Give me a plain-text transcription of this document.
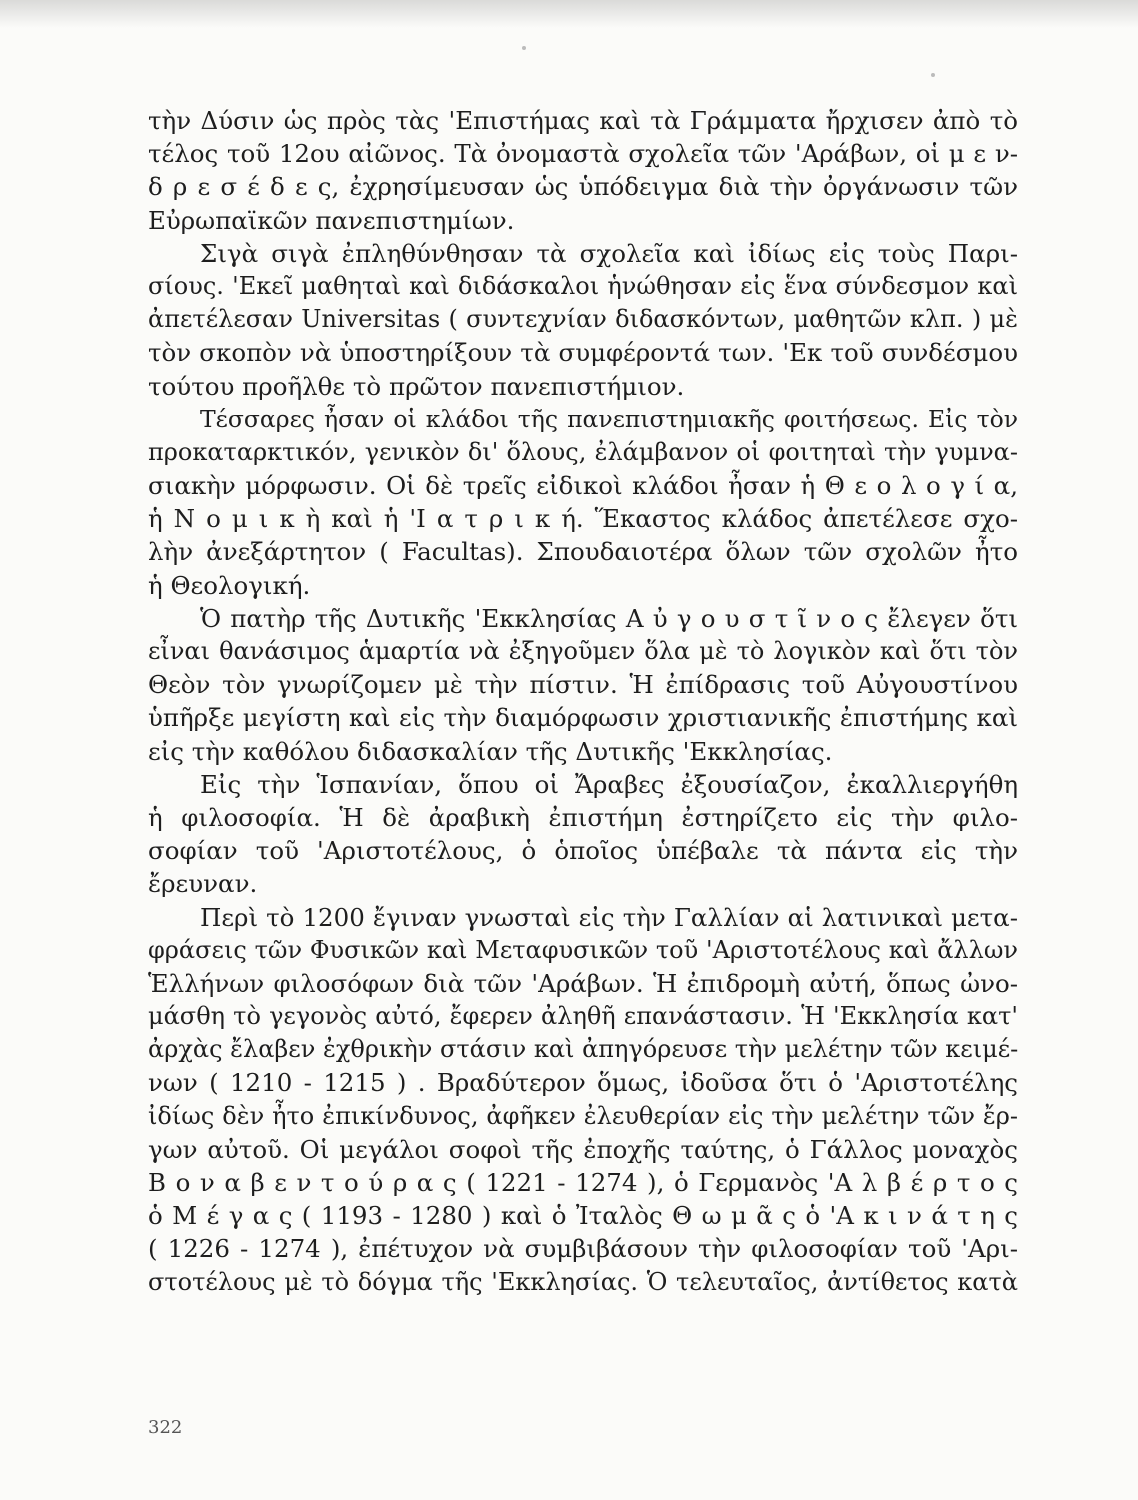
τὴν Δύσιν ὡς πρὸς τὰς 'Επιστήμας καὶ τὰ Γράμματα ἤρχισεν ἀπὸ τὸ
τέλος τοῦ 12ου αἰῶνος. Τὰ ὀνομαστὰ σχολεῖα τῶν 'Αράβων, οἱ μ ε ν-
δ ρ ε σ έ δ ε ς, ἐχρησίμευσαν ὡς ὑπόδειγμα διὰ τὴν ὀργάνωσιν τῶν
Εὐρωπαϊκῶν πανεπιστημίων.
Σιγὰ σιγὰ ἐπληθύνθησαν τὰ σχολεῖα καὶ ἰδίως εἰς τοὺς Παρι-
σίους. 'Εκεῖ μαθηταὶ καὶ διδάσκαλοι ἡνώθησαν εἰς ἕνα σύνδεσμον καὶ
ἀπετέλεσαν Universitas ( συντεχνίαν διδασκόντων, μαθητῶν κλπ. ) μὲ
τὸν σκοπὸν νὰ ὑποστηρίξουν τὰ συμφέροντά των. 'Εκ τοῦ συνδέσμου
τούτου προῆλθε τὸ πρῶτον πανεπιστήμιον.
Τέσσαρες ἦσαν οἱ κλάδοι τῆς πανεπιστημιακῆς φοιτήσεως. Εἰς τὸν
προκαταρκτικόν, γενικὸν δι' ὅλους, ἐλάμβανον οἱ φοιτηταὶ τὴν γυμνα-
σιακὴν μόρφωσιν. Οἱ δὲ τρεῖς εἰδικοὶ κλάδοι ἦσαν ἡ Θ ε ο λ ο γ ί α,
ἡ Ν ο μ ι κ ὴ καὶ ἡ 'Ι α τ ρ ι κ ή. Ἕκαστος κλάδος ἀπετέλεσε σχο-
λὴν ἀνεξάρτητον ( Facultas). Σπουδαιοτέρα ὅλων τῶν σχολῶν ἦτο
ἡ Θεολογική.
Ὁ πατὴρ τῆς Δυτικῆς 'Εκκλησίας Α ὐ γ ο υ σ τ ῖ ν ο ς ἔλεγεν ὅτι
εἶναι θανάσιμος ἁμαρτία νὰ ἐξηγοῦμεν ὅλα μὲ τὸ λογικὸν καὶ ὅτι τὸν
Θεὸν τὸν γνωρίζομεν μὲ τὴν πίστιν. Ἡ ἐπίδρασις τοῦ Αὐγουστίνου
ὑπῆρξε μεγίστη καὶ εἰς τὴν διαμόρφωσιν χριστιανικῆς ἐπιστήμης καὶ
εἰς τὴν καθόλου διδασκαλίαν τῆς Δυτικῆς 'Εκκλησίας.
Εἰς τὴν Ἱσπανίαν, ὅπου οἱ Ἄραβες ἐξουσίαζον, ἐκαλλιεργήθη
ἡ φιλοσοφία. Ἡ δὲ ἀραβικὴ ἐπιστήμη ἐστηρίζετο εἰς τὴν φιλο-
σοφίαν τοῦ 'Αριστοτέλους, ὁ ὁποῖος ὑπέβαλε τὰ πάντα εἰς τὴν
ἔρευναν.
Περὶ τὸ 1200 ἔγιναν γνωσταὶ εἰς τὴν Γαλλίαν αἱ λατινικαὶ μετα-
φράσεις τῶν Φυσικῶν καὶ Μεταφυσικῶν τοῦ 'Αριστοτέλους καὶ ἄλλων
Ἑλλήνων φιλοσόφων διὰ τῶν 'Αράβων. Ἡ ἐπιδρομὴ αὐτή, ὅπως ὠνο-
μάσθη τὸ γεγονὸς αὐτό, ἔφερεν ἀληθῆ επανάστασιν. Ἡ 'Εκκλησία κατ'
ἀρχὰς ἔλαβεν ἐχθρικὴν στάσιν καὶ ἀπηγόρευσε τὴν μελέτην τῶν κειμέ-
νων ( 1210 - 1215 ) . Βραδύτερον ὅμως, ἰδοῦσα ὅτι ὁ 'Αριστοτέλης
ἰδίως δὲν ἦτο ἐπικίνδυνος, ἀφῆκεν ἐλευθερίαν εἰς τὴν μελέτην τῶν ἔρ-
γων αὐτοῦ. Οἱ μεγάλοι σοφοὶ τῆς ἐποχῆς ταύτης, ὁ Γάλλος μοναχὸς
Β ο ν α β ε ν τ ο ύ ρ α ς ( 1221 - 1274 ), ὁ Γερμανὸς 'Α λ β έ ρ τ ο ς
ὁ Μ έ γ α ς ( 1193 - 1280 ) καὶ ὁ Ἰταλὸς Θ ω μ ᾶ ς ὁ 'Α κ ι ν ά τ η ς
( 1226 - 1274 ), ἐπέτυχον νὰ συμβιβάσουν τὴν φιλοσοφίαν τοῦ 'Αρι-
στοτέλους μὲ τὸ δόγμα τῆς 'Εκκλησίας. Ὁ τελευταῖος, ἀντίθετος κατὰ
322
